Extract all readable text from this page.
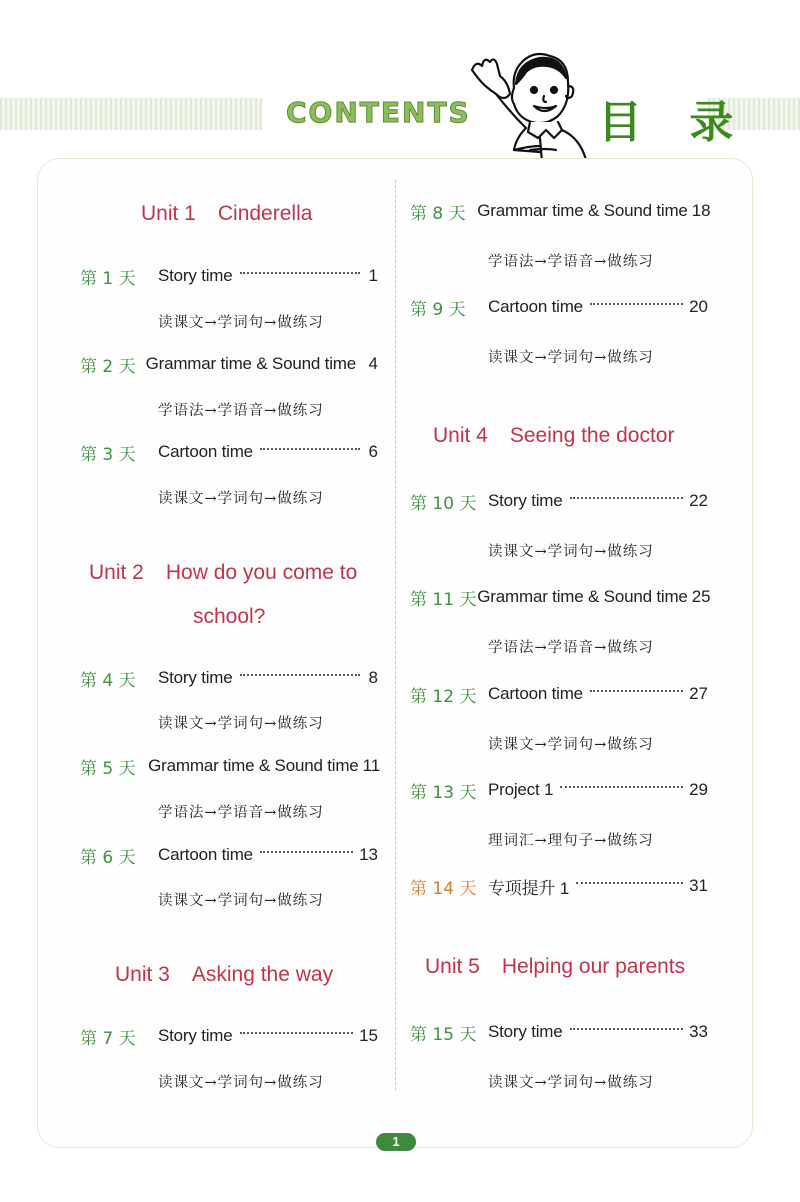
CONTENTS	目 录
Unit 1 Cinderella
第 1 天	Story time	1
读课文→学词句→做练习
第 2 天 Grammar time & Sound time 4
学语法→学语音→做练习
第 3 天	Cartoon time	6
读课文→学词句→做练习
Unit 2 How do you come to
school?
第 4 天	Story time	8
读课文→学词句→做练习
第 5 天 Grammar time & Sound time 11
学语法→学语音→做练习
第 6 天	Cartoon time	13
读课文→学词句→做练习
Unit 3 Asking the way
第 7 天	Story time	15
读课文→学词句→做练习
第 8 天 Grammar time & Sound time 18
学语法→学语音→做练习
第 9 天	Cartoon time	20
读课文→学词句→做练习
Unit 4 Seeing the doctor
第 10 天 Story time	22
读课文→学词句→做练习
第 11 天 Grammar time & Sound time 25
学语法→学语音→做练习
第 12 天 Cartoon time	27
读课文→学词句→做练习
第 13 天 Project 1	29
理词汇→理句子→做练习
第 14 天 专项提升 1	31
Unit 5 Helping our parents
第 15 天 Story time	33
读课文→学词句→做练习
1
